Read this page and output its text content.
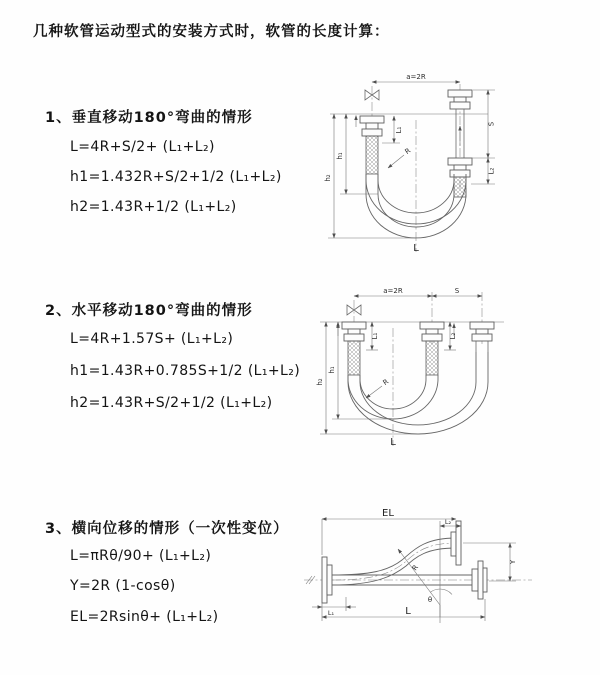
几种软管运动型式的安装方式时，软管的长度计算：
1、垂直移动180°弯曲的情形
L=4R+S/2+ (L₁+L₂)
h1=1.432R+S/2+1/2 (L₁+L₂)
h2=1.43R+1/2 (L₁+L₂)
a=2R
L₁
S
L₂
R
h₁
h₂
L
2、水平移动180°弯曲的情形
L=4R+1.57S+ (L₁+L₂)
h1=1.43R+0.785S+1/2 (L₁+L₂)
h2=1.43R+S/2+1/2 (L₁+L₂)
a=2R	S
L₁	L₂
R
h₁
h₂
L
3、横向位移的情形（一次性变位）
L=πRθ/90+ (L₁+L₂)
Y=2R (1-cosθ)
EL=2Rsinθ+ (L₁+L₂)
EL
L₂
Y
θ
R
L₁	L
